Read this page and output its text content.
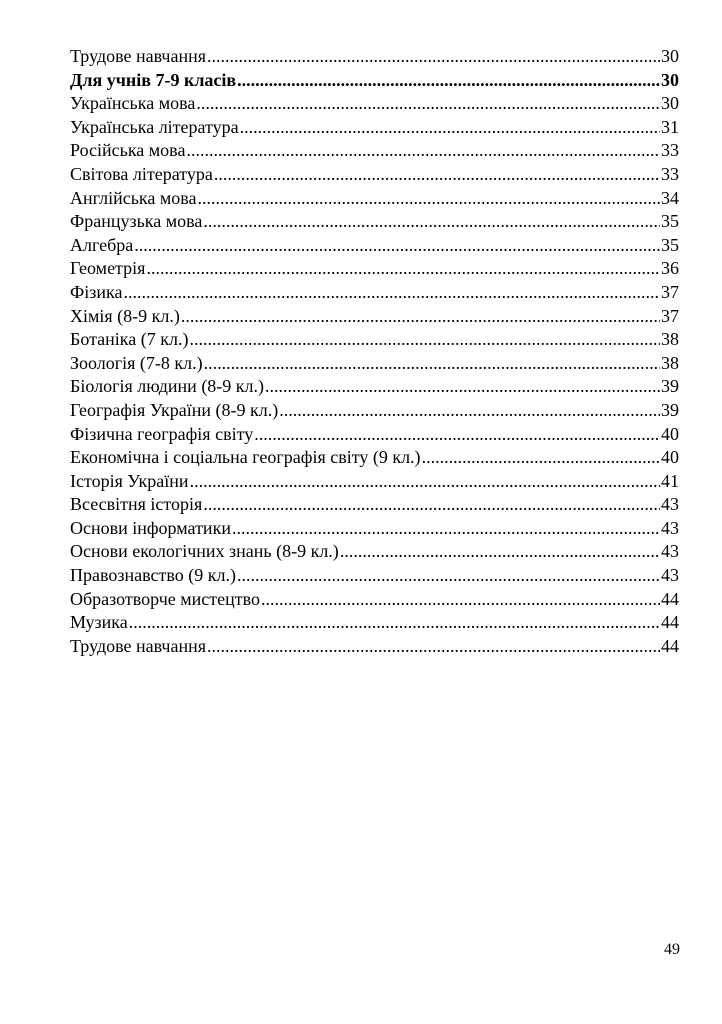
Трудове навчання .....	30
Для учнів 7-9 класів .....	30
Українська мова .....	30
Українська література .....	31
Російська мова .....	33
Світова література .....	33
Англійська мова .....	34
Французька мова .....	35
Алгебра .....	35
Геометрія .....	36
Фізика .....	37
Хімія (8-9 кл.) .....	37
Ботаніка (7 кл.) .....	38
Зоологія (7-8 кл.) .....	38
Біологія людини (8-9 кл.) .....	39
Географія України (8-9 кл.) .....	39
Фізична географія світу .....	40
Економічна і соціальна географія світу (9 кл.) .....	40
Історія України .....	41
Всесвітня історія .....	43
Основи інформатики .....	43
Основи екологічних знань (8-9 кл.) .....	43
Правознавство (9 кл.) .....	43
Образотворче мистецтво .....	44
Музика .....	44
Трудове навчання .....	44
49
